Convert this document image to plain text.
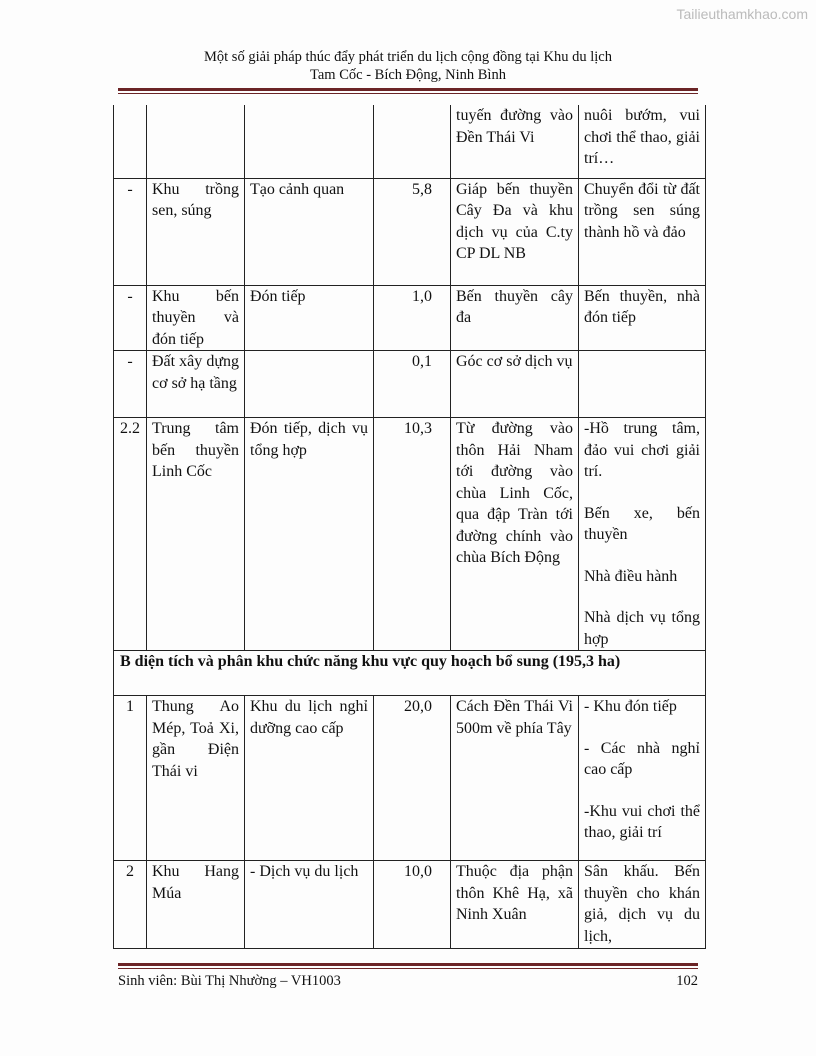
Tailieuthamkhao.com
Một số giải pháp thúc đẩy phát triển du lịch cộng đồng tại Khu du lịch
Tam Cốc - Bích Động, Ninh Bình
				tuyến đường vào Đền Thái Vi	nuôi bướm, vui chơi thể thao, giải trí…

-	Khu trồng sen, súng	Tạo cảnh quan	5,8	Giáp bến thuyền Cây Đa và khu dịch vụ của C.ty CP DL NB	Chuyển đổi từ đất trồng sen súng thành hồ và đảo

-	Khu bến thuyền và đón tiếp	Đón tiếp	1,0	Bến thuyền cây đa	Bến thuyền, nhà đón tiếp

-	Đất xây dựng cơ sở hạ tầng		0,1	Góc cơ sở dịch vụ	
2.2	Trung tâm bến thuyền Linh Cốc	Đón tiếp, dịch vụ tổng hợp	10,3	Từ đường vào thôn Hải Nham tới đường vào chùa Linh Cốc, qua đập Tràn tới đường chính vào chùa Bích Động	-Hồ trung tâm, đảo vui chơi giải trí.

Bến xe, bến thuyền

Nhà điều hành

Nhà dịch vụ tổng hợp

B diện tích và phân khu chức năng khu vực quy hoạch bổ sung (195,3 ha)					
1	Thung Ao Mép, Toả Xi, gần Điện Thái vi	Khu du lịch nghỉ dưỡng cao cấp	20,0	Cách Đền Thái Vi 500m về phía Tây	- Khu đón tiếp

- Các nhà nghỉ cao cấp

-Khu vui chơi thể thao, giải trí

2	Khu Hang Múa	- Dịch vụ du lịch	10,0	Thuộc địa phận thôn Khê Hạ, xã Ninh Xuân	Sân khấu. Bến thuyền cho khán giả, dịch vụ du lịch,

Sinh viên: Bùi Thị Nhường – VH1003	102
